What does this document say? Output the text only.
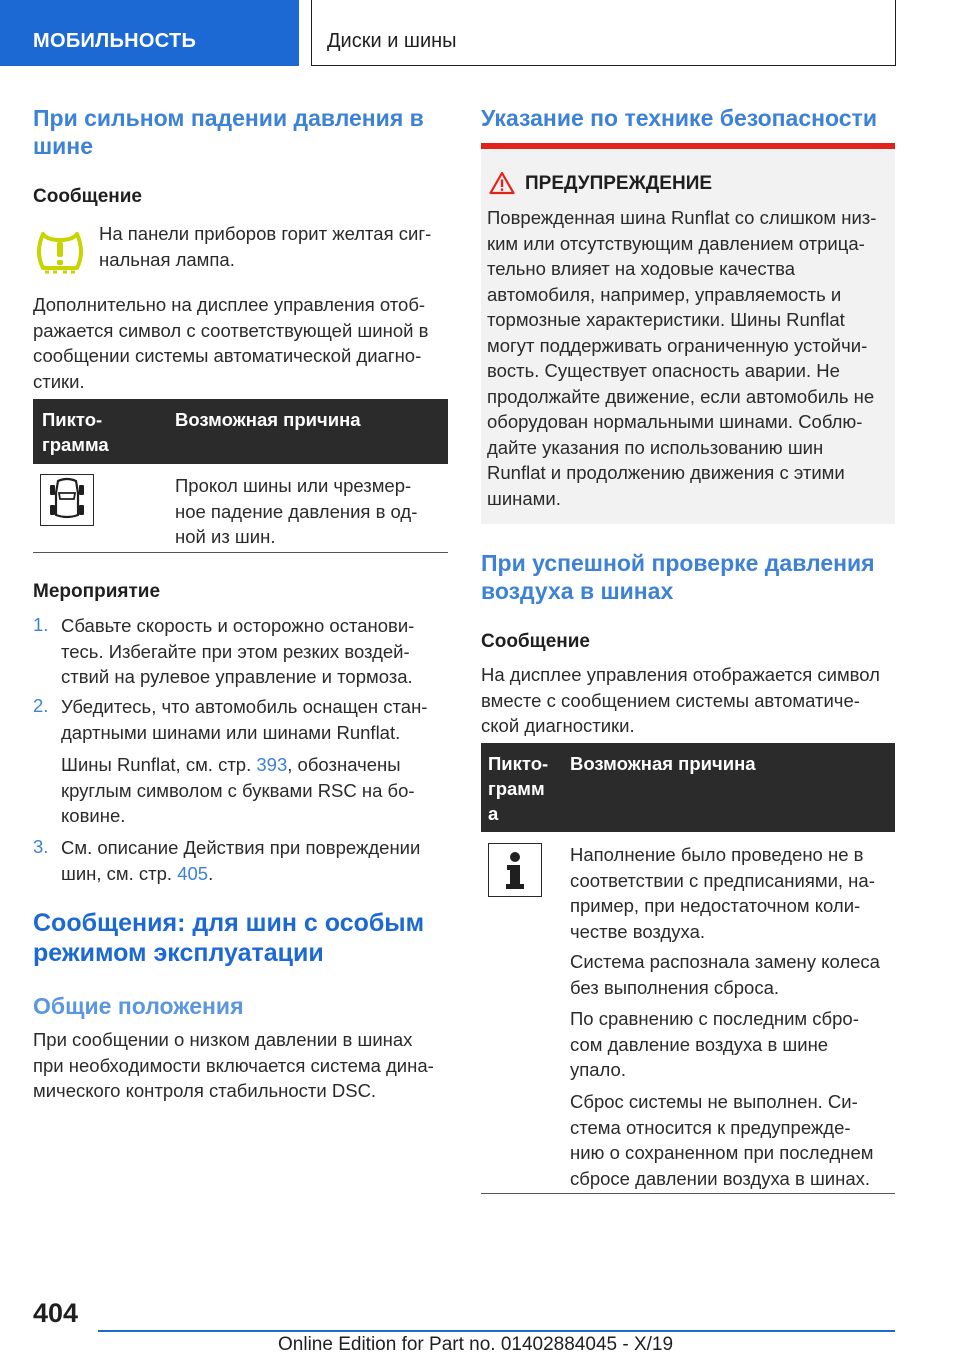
МОБИЛЬНОСТЬ	Диски и шины
При сильном падении давления в
шине
Сообщение

На панели приборов горит желтая сиг-
нальная лампа.

Дополнительно на дисплее управления отоб-
ражается символ с соответствующей шиной в
сообщении системы автоматической диагно-
стики.

Пикто-
грамма
Возможная причина

Прокол шины или чрезмер-
ное падение давления в од-
ной из шин.

Мероприятие
1. Сбавьте скорость и осторожно останови-
тесь. Избегайте при этом резких воздей-
ствий на рулевое управление и тормоза.

2. Убедитесь, что автомобиль оснащен стан-
дартными шинами или шинами Runflat.

Шины Runflat, см. стр. 393, обозначены
круглым символом с буквами RSC на бо-
ковине.

3. См. описание Действия при повреждении
шин, см. стр. 405.

Сообщения: для шин с особым
режимом эксплуатации
Общие положения

При сообщении о низком давлении в шинах
при необходимости включается система дина-
мического контроля стабильности DSC.

Указание по технике безопасности
ПРЕДУПРЕЖДЕНИЕ

Поврежденная шина Runflat со слишком низ-
ким или отсутствующим давлением отрица-
тельно влияет на ходовые качества
автомобиля, например, управляемость и
тормозные характеристики. Шины Runflat
могут поддерживать ограниченную устойчи-
вость. Существует опасность аварии. Не
продолжайте движение, если автомобиль не
оборудован нормальными шинами. Соблю-
дайте указания по использованию шин
Runflat и продолжению движения с этими
шинами.

При успешной проверке давления
воздуха в шинах
Сообщение

На дисплее управления отображается символ
вместе с сообщением системы автоматиче-
ской диагностики.

Пикто-
грамм
а
Возможная причина

Наполнение было проведено не в
соответствии с предписаниями, на-
пример, при недостаточном коли-
честве воздуха.

Система распознала замену колеса
без выполнения сброса.

По сравнению с последним сбро-
сом давление воздуха в шине
упало.

Сброс системы не выполнен. Си-
стема относится к предупрежде-
нию о сохраненном при последнем
сбросе давлении воздуха в шинах.

404
Online Edition for Part no. 01402884045 - X/19
